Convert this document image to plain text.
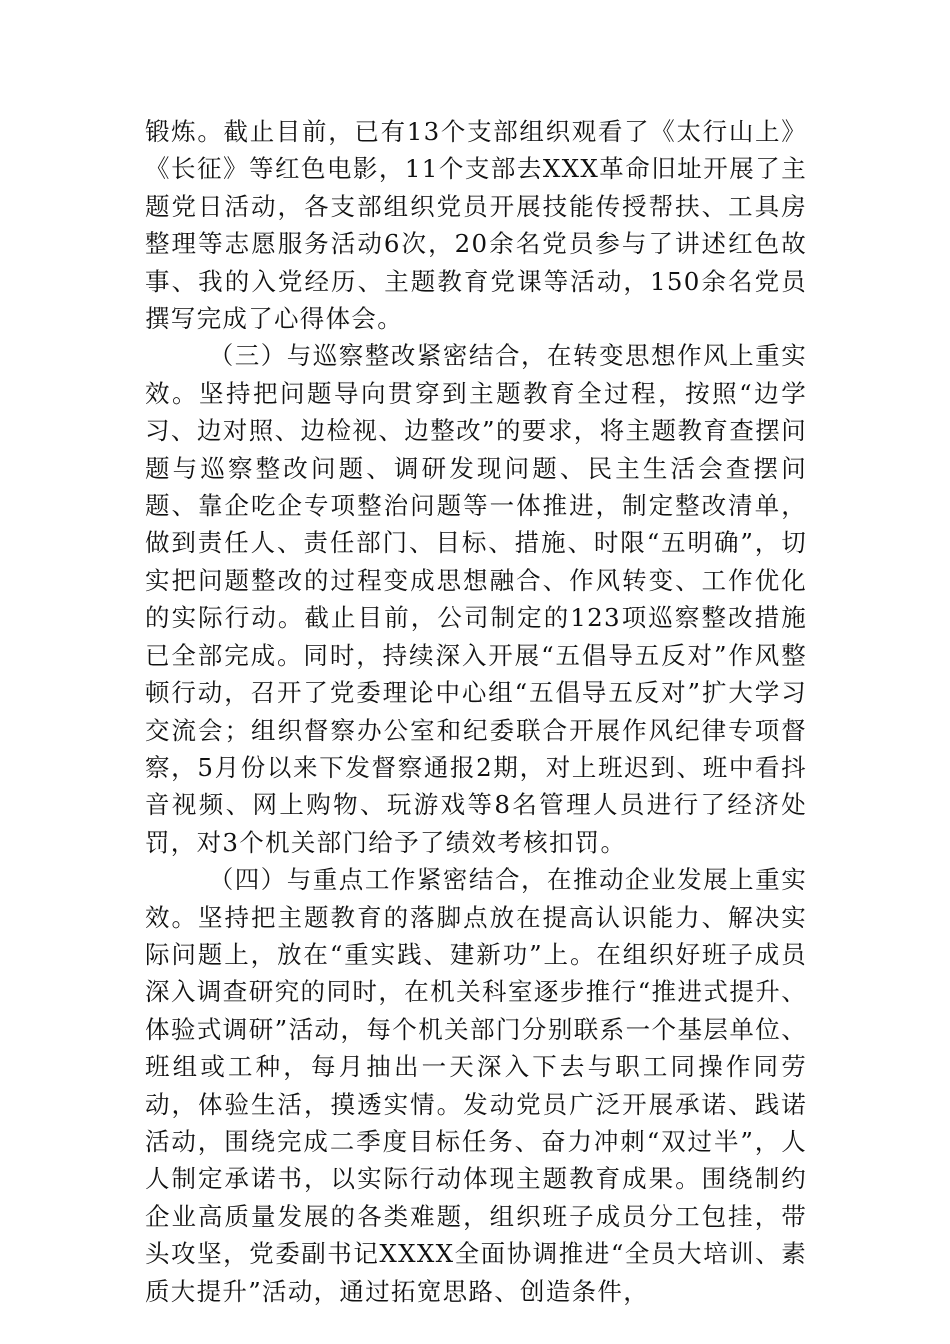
锻炼。截止目前，已有13个支部组织观看了《太行山上》《长征》等红色电影，11个支部去XXX革命旧址开展了主题党日活动，各支部组织党员开展技能传授帮扶、工具房整理等志愿服务活动6次，20余名党员参与了讲述红色故事、我的入党经历、主题教育党课等活动，150余名党员撰写完成了心得体会。

（三）与巡察整改紧密结合，在转变思想作风上重实效。坚持把问题导向贯穿到主题教育全过程，按照“边学习、边对照、边检视、边整改”的要求，将主题教育查摆问题与巡察整改问题、调研发现问题、民主生活会查摆问题、靠企吃企专项整治问题等一体推进，制定整改清单，做到责任人、责任部门、目标、措施、时限“五明确”，切实把问题整改的过程变成思想融合、作风转变、工作优化的实际行动。截止目前，公司制定的123项巡察整改措施已全部完成。同时，持续深入开展“五倡导五反对”作风整顿行动，召开了党委理论中心组“五倡导五反对”扩大学习交流会；组织督察办公室和纪委联合开展作风纪律专项督察，5月份以来下发督察通报2期，对上班迟到、班中看抖音视频、网上购物、玩游戏等8名管理人员进行了经济处罚，对3个机关部门给予了绩效考核扣罚。

（四）与重点工作紧密结合，在推动企业发展上重实效。坚持把主题教育的落脚点放在提高认识能力、解决实际问题上，放在“重实践、建新功”上。在组织好班子成员深入调查研究的同时，在机关科室逐步推行“推进式提升、体验式调研”活动，每个机关部门分别联系一个基层单位、班组或工种，每月抽出一天深入下去与职工同操作同劳动，体验生活，摸透实情。发动党员广泛开展承诺、践诺活动，围绕完成二季度目标任务、奋力冲刺“双过半”，人人制定承诺书，以实际行动体现主题教育成果。围绕制约企业高质量发展的各类难题，组织班子成员分工包挂，带头攻坚，党委副书记XXXX全面协调推进“全员大培训、素质大提升”活动，通过拓宽思路、创造条件，
